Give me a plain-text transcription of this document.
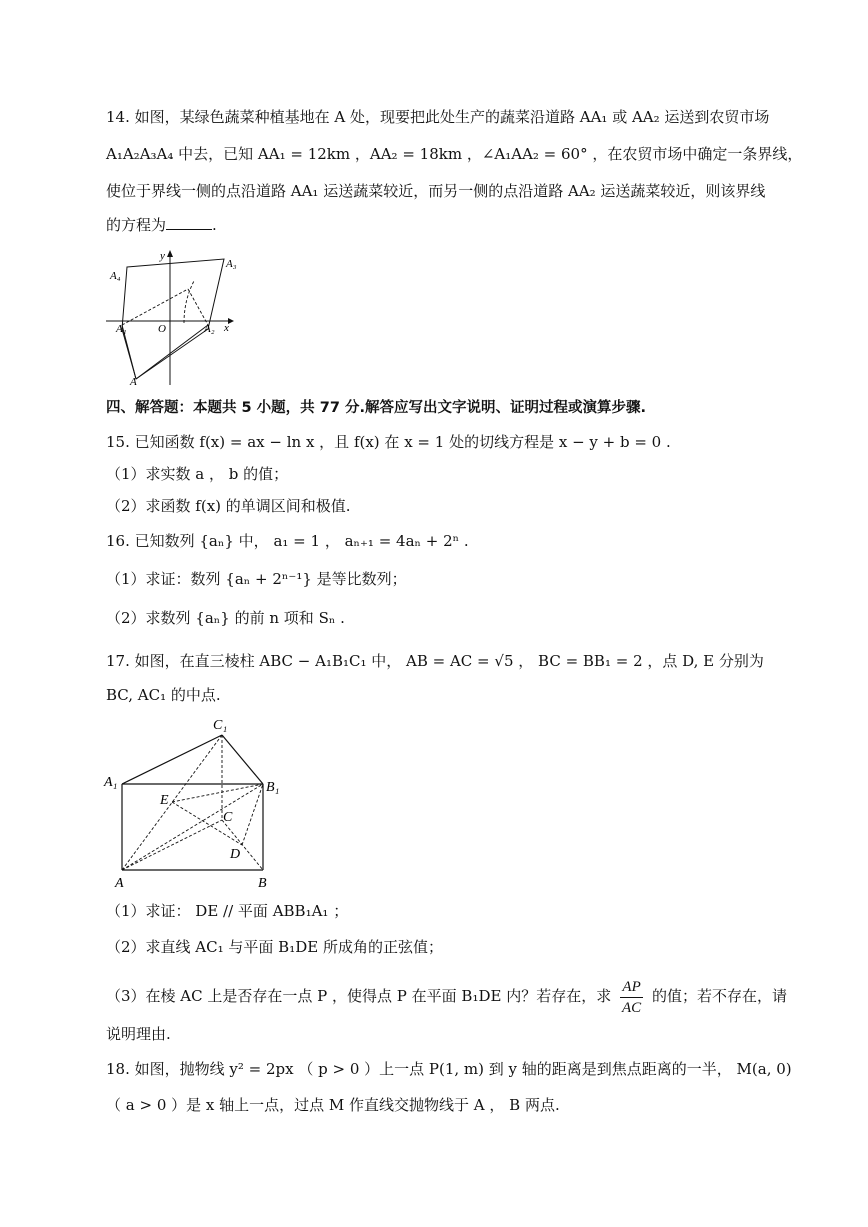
14. 如图，某绿色蔬菜种植基地在 A 处，现要把此处生产的蔬菜沿道路 AA₁ 或 AA₂ 运送到农贸市场
A₁A₂A₃A₄ 中去，已知 AA₁ = 12km ，AA₂ = 18km ，∠A₁AA₂ = 60° ，在农贸市场中确定一条界线，
使位于界线一侧的点沿道路 AA₁ 运送蔬菜较近，而另一侧的点沿道路 AA₂ 运送蔬菜较近，则该界线
的方程为	.
y
x
A₄
A₃
A₁	O	A₂
A
四、解答题：本题共 5 小题，共 77 分.解答应写出文字说明、证明过程或演算步骤.
15. 已知函数 f(x) = ax − ln x ，且 f(x) 在 x = 1 处的切线方程是 x − y + b = 0 .
（1）求实数 a ， b 的值；
（2）求函数 f(x) 的单调区间和极值.
16. 已知数列 {aₙ} 中， a₁ = 1 ， aₙ₊₁ = 4aₙ + 2ⁿ .
（1）求证：数列 {aₙ + 2ⁿ⁻¹} 是等比数列；
（2）求数列 {aₙ} 的前 n 项和 Sₙ .
17. 如图，在直三棱柱 ABC − A₁B₁C₁ 中， AB = AC = √5 ， BC = BB₁ = 2 ，点 D, E 分别为
BC, AC₁ 的中点.
C₁
A₁	B₁
E
C
D
A	B
（1）求证： DE // 平面 ABB₁A₁ ；
（2）求直线 AC₁ 与平面 B₁DE 所成角的正弦值；
（3）在棱 AC 上是否存在一点 P ，使得点 P 在平面 B₁DE 内？若存在，求 $\frac{AP}{AC}$ 的值；若不存在，请
说明理由.
18. 如图，抛物线 y² = 2px （ p > 0 ）上一点 P(1, m) 到 y 轴的距离是到焦点距离的一半， M(a, 0)
（ a > 0 ）是 x 轴上一点，过点 M 作直线交抛物线于 A ， B 两点.
